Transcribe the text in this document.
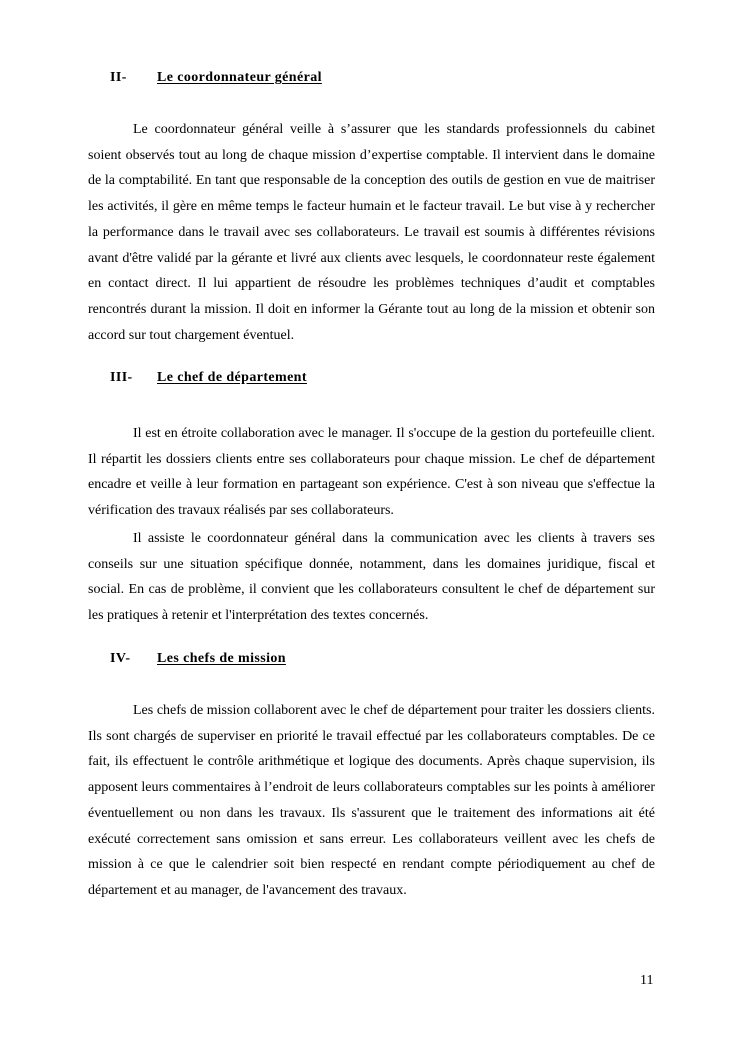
II- Le coordonnateur général

Le coordonnateur général veille à s’assurer que les standards professionnels du cabinet soient observés tout au long de chaque mission d’expertise comptable. Il intervient dans le domaine de la comptabilité. En tant que responsable de la conception des outils de gestion en vue de maitriser les activités, il gère en même temps le facteur humain et le facteur travail. Le but vise à y rechercher la performance dans le travail avec ses collaborateurs. Le travail est soumis à différentes révisions avant d'être validé par la gérante et livré aux clients avec lesquels, le coordonnateur reste également en contact direct. Il lui appartient de résoudre les problèmes techniques d’audit et comptables rencontrés durant la mission. Il doit en informer la Gérante tout au long de la mission et obtenir son accord sur tout chargement éventuel.

III- Le chef de département

Il est en étroite collaboration avec le manager. Il s'occupe de la gestion du portefeuille client. Il répartit les dossiers clients entre ses collaborateurs pour chaque mission. Le chef de département encadre et veille à leur formation en partageant son expérience. C'est à son niveau que s'effectue la vérification des travaux réalisés par ses collaborateurs.

Il assiste le coordonnateur général dans la communication avec les clients à travers ses conseils sur une situation spécifique donnée, notamment, dans les domaines juridique, fiscal et social. En cas de problème, il convient que les collaborateurs consultent le chef de département sur les pratiques à retenir et l'interprétation des textes concernés.

IV- Les chefs de mission

Les chefs de mission collaborent avec le chef de département pour traiter les dossiers clients. Ils sont chargés de superviser en priorité le travail effectué par les collaborateurs comptables. De ce fait, ils effectuent le contrôle arithmétique et logique des documents. Après chaque supervision, ils apposent leurs commentaires à l’endroit de leurs collaborateurs comptables sur les points à améliorer éventuellement ou non dans les travaux. Ils s'assurent que le traitement des informations ait été exécuté correctement sans omission et sans erreur. Les collaborateurs veillent avec les chefs de mission à ce que le calendrier soit bien respecté en rendant compte périodiquement au chef de département et au manager, de l'avancement des travaux.

11
